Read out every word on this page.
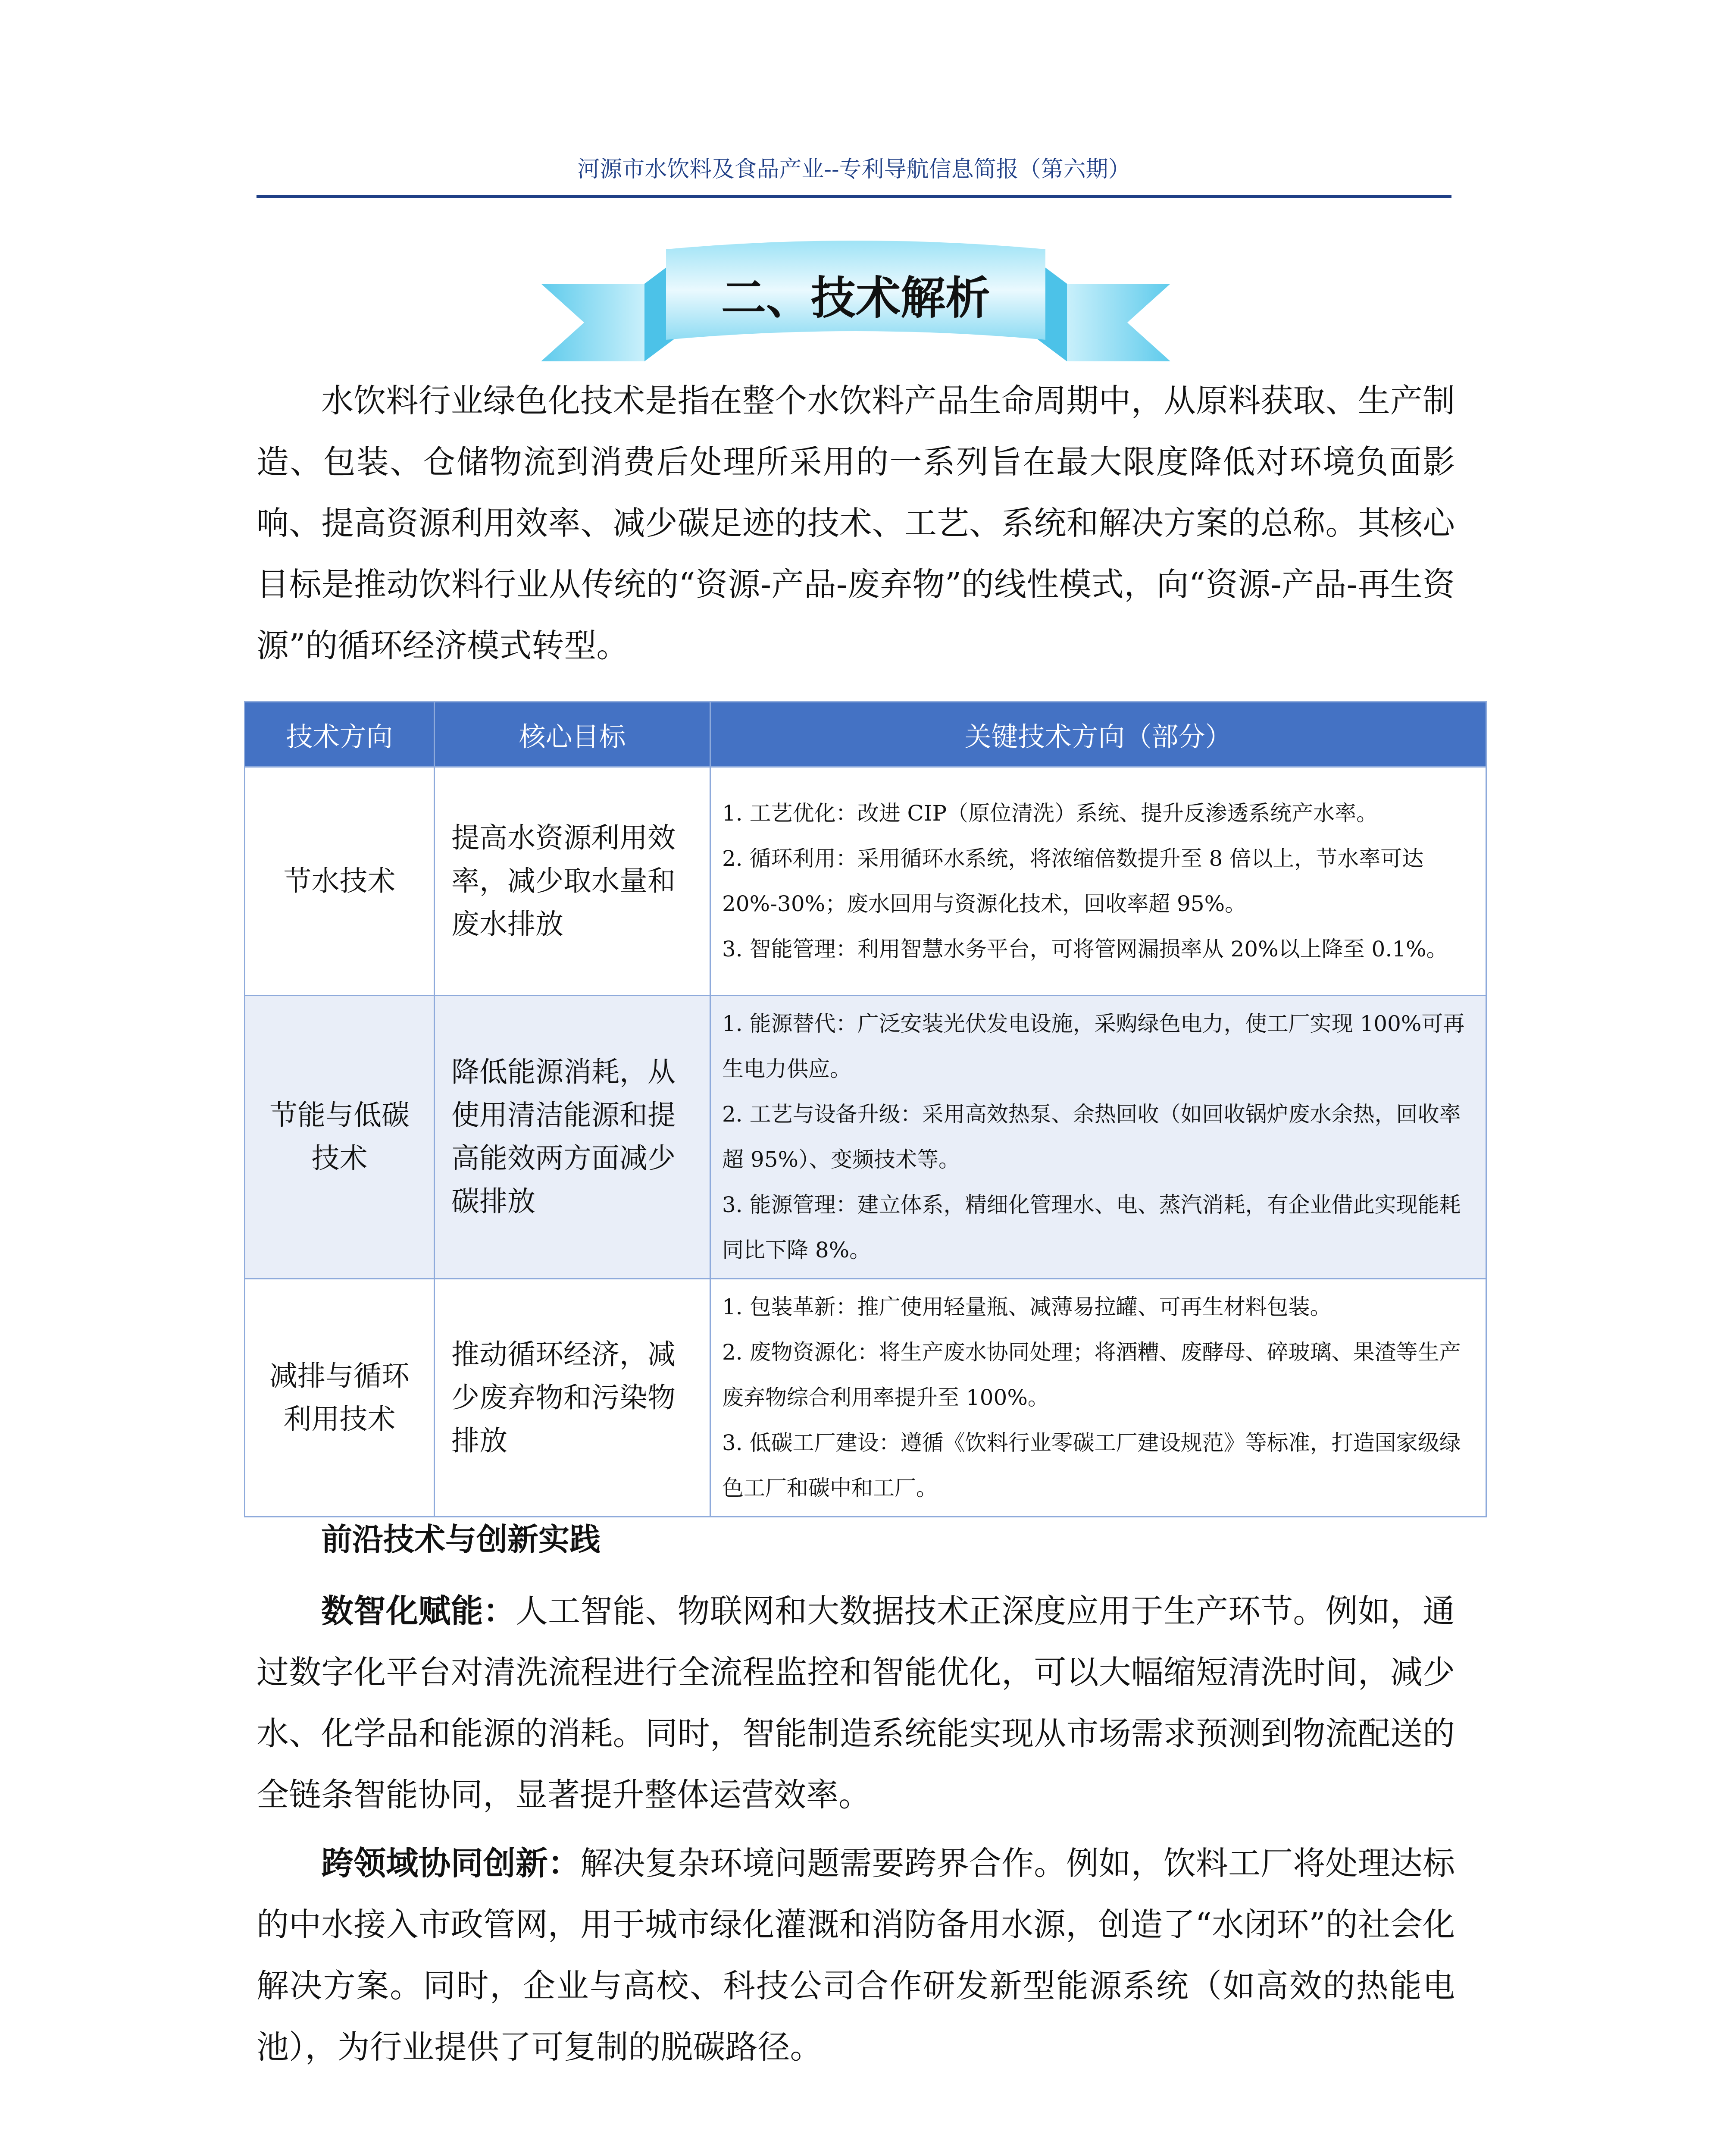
河源市水饮料及食品产业--专利导航信息简报（第六期）
二、技术解析

水饮料行业绿色化技术是指在整个水饮料产品生命周期中，从原料获取、生产制造、包装、仓储物流到消费后处理所采用的一系列旨在最大限度降低对环境负面影响、提高资源利用效率、减少碳足迹的技术、工艺、系统和解决方案的总称。其核心目标是推动饮料行业从传统的“资源-产品-废弃物”的线性模式，向“资源-产品-再生资源”的循环经济模式转型。

技术方向	核心目标	关键技术方向（部分）
节水技术	提高水资源利用效率，减少取水量和废水排放	1. 工艺优化：改进 CIP（原位清洗）系统、提升反渗透系统产水率。
2. 循环利用：采用循环水系统，将浓缩倍数提升至 8 倍以上，节水率可达 20%-30%；废水回用与资源化技术，回收率超 95%。
3. 智能管理：利用智慧水务平台，可将管网漏损率从 20%以上降至 0.1%。

节能与低碳技术	降低能源消耗，从使用清洁能源和提高能效两方面减少碳排放	1. 能源替代：广泛安装光伏发电设施，采购绿色电力，使工厂实现 100%可再生电力供应。
2. 工艺与设备升级：采用高效热泵、余热回收（如回收锅炉废水余热，回收率超 95%）、变频技术等。
3. 能源管理：建立体系，精细化管理水、电、蒸汽消耗，有企业借此实现能耗同比下降 8%。

减排与循环利用技术	推动循环经济，减少废弃物和污染物排放	1. 包装革新：推广使用轻量瓶、减薄易拉罐、可再生材料包装。
2. 废物资源化：将生产废水协同处理；将酒糟、废酵母、碎玻璃、果渣等生产废弃物综合利用率提升至 100%。
3. 低碳工厂建设：遵循《饮料行业零碳工厂建设规范》等标准，打造国家级绿色工厂和碳中和工厂。
前沿技术与创新实践

数智化赋能：人工智能、物联网和大数据技术正深度应用于生产环节。例如，通过数字化平台对清洗流程进行全流程监控和智能优化，可以大幅缩短清洗时间，减少水、化学品和能源的消耗。同时，智能制造系统能实现从市场需求预测到物流配送的全链条智能协同，显著提升整体运营效率。

跨领域协同创新：解决复杂环境问题需要跨界合作。例如，饮料工厂将处理达标的中水接入市政管网，用于城市绿化灌溉和消防备用水源，创造了“水闭环”的社会化解决方案。同时，企业与高校、科技公司合作研发新型能源系统（如高效的热能电池），为行业提供了可复制的脱碳路径。
